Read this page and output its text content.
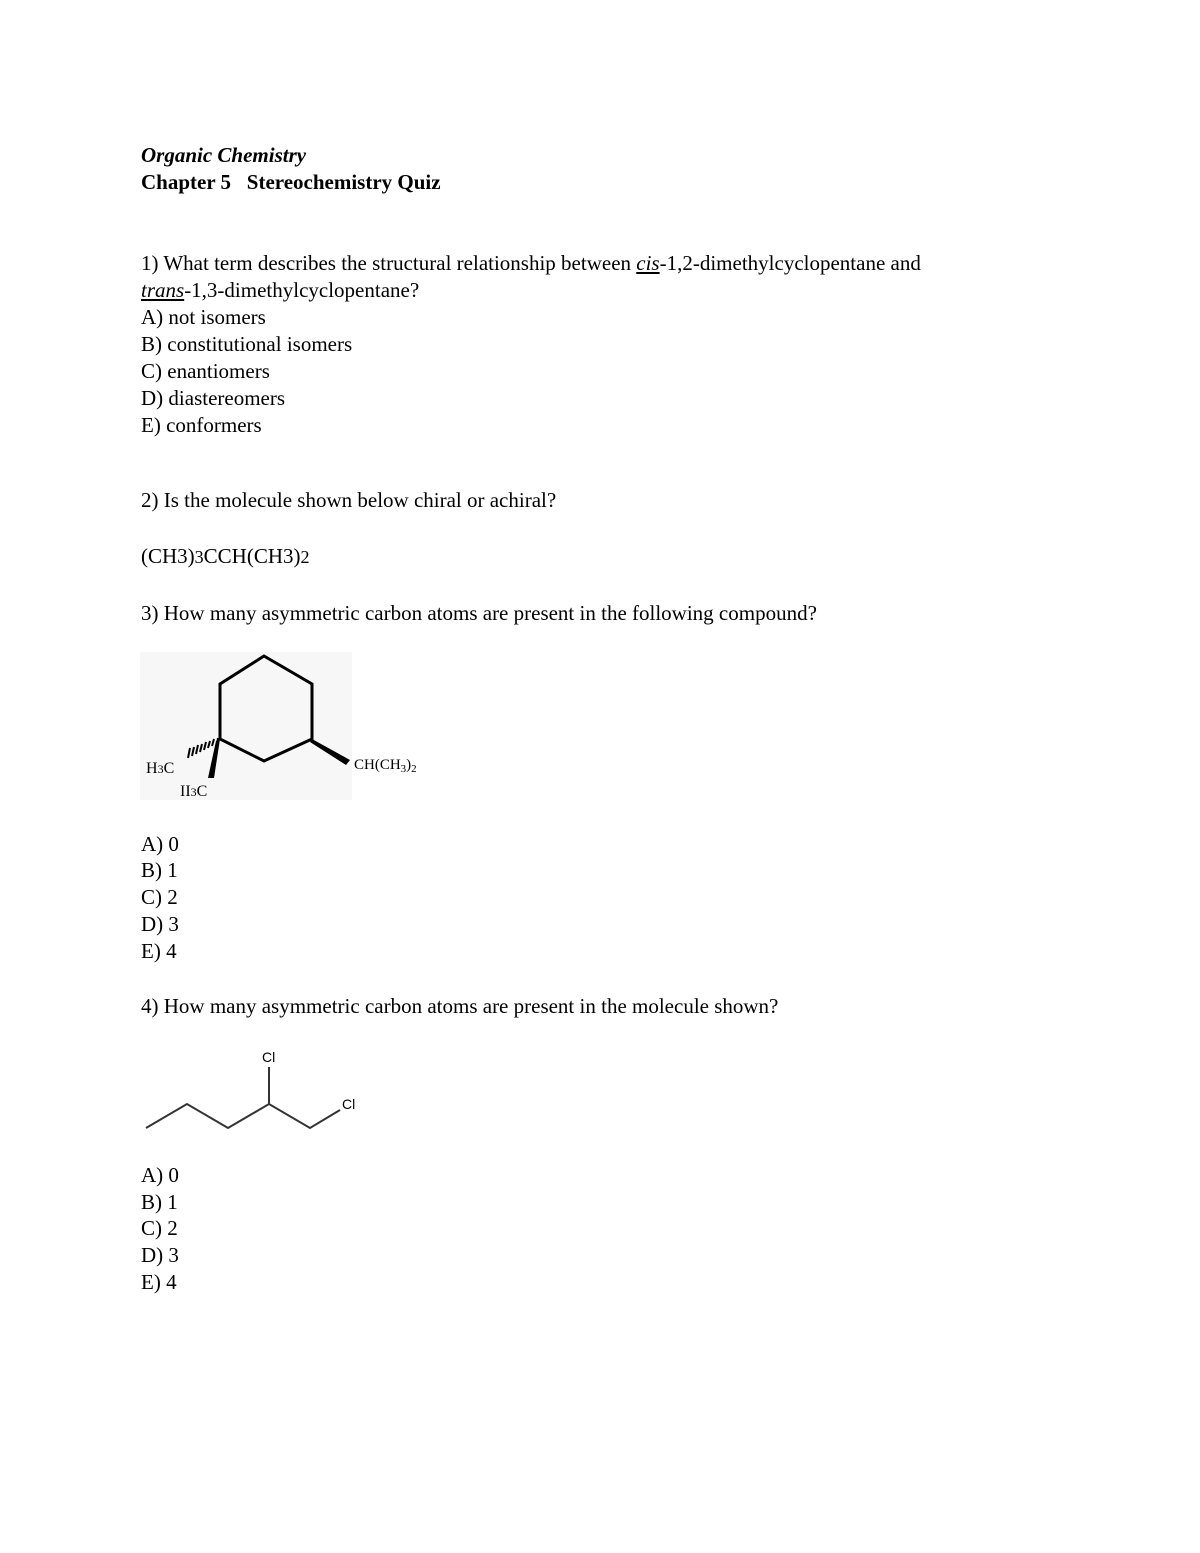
Organic Chemistry
Chapter 5 Stereochemistry Quiz
1) What term describes the structural relationship between cis-1,2-dimethylcyclopentane and
trans-1,3-dimethylcyclopentane?
A) not isomers
B) constitutional isomers
C) enantiomers
D) diastereomers
E) conformers
2) Is the molecule shown below chiral or achiral?
(CH3)3CCH(CH3)2
3) How many asymmetric carbon atoms are present in the following compound?
H3C
II3C
$CH(CH_3)_2$
A) 0
B) 1
C) 2
D) 3
E) 4
4) How many asymmetric carbon atoms are present in the molecule shown?
Cl
Cl
A) 0
B) 1
C) 2
D) 3
E) 4
